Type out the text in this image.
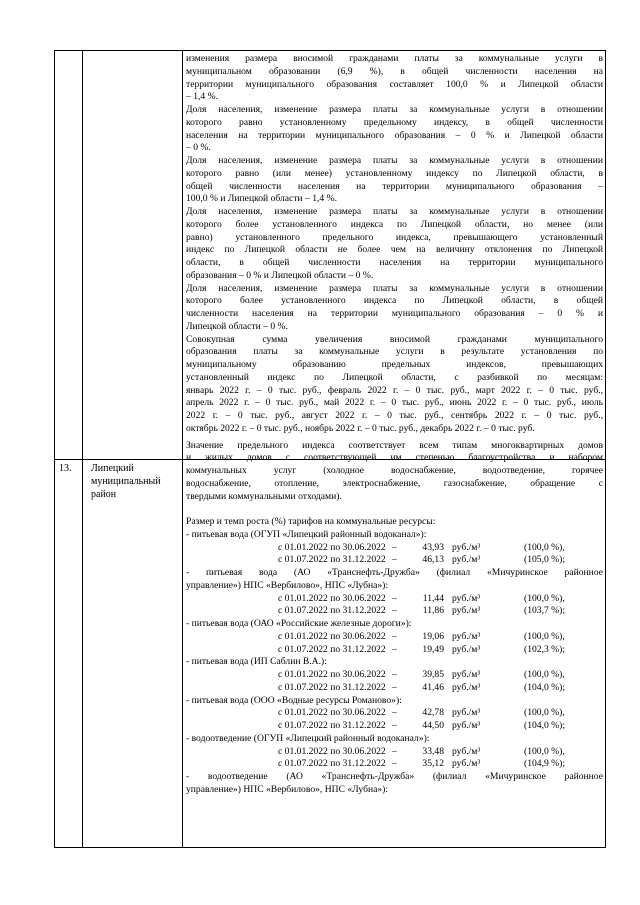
13. Липецкий муниципальный район
изменения размера вносимой гражданами платы за коммунальные услуги в
муниципальном образовании (6,9 %), в общей численности населения на
территории муниципального образования составляет 100,0 % и Липецкой области
– 1,4 %.
Доля населения, изменение размера платы за коммунальные услуги в отношении
которого равно установленному предельному индексу, в общей численности
населения на территории муниципального образования – 0 % и Липецкой области
– 0 %.
Доля населения, изменение размера платы за коммунальные услуги в отношении
которого равно (или менее) установленному индексу по Липецкой области, в
общей численности населения на территории муниципального образования –
100,0 % и Липецкой области – 1,4 %.
Доля населения, изменение размера платы за коммунальные услуги в отношении
которого более установленного индекса по Липецкой области, но менее (или
равно) установленного предельного индекса, превышающего установленный
индекс по Липецкой области не более чем на величину отклонения по Липецкой
области, в общей численности населения на территории муниципального
образования – 0 % и Липецкой области – 0 %.
Доля населения, изменение размера платы за коммунальные услуги в отношении
которого более установленного индекса по Липецкой области, в общей
численности населения на территории муниципального образования – 0 % и
Липецкой области – 0 %.
Совокупная сумма увеличения вносимой гражданами муниципального
образования платы за коммунальные услуги в результате установления по
муниципальному образованию предельных индексов, превышающих
установленный индекс по Липецкой области, с разбивкой по месяцам:
январь 2022 г. – 0 тыс. руб., февраль 2022 г. – 0 тыс. руб., март 2022 г. – 0 тыс. руб.,
апрель 2022 г. – 0 тыс. руб., май 2022 г. – 0 тыс. руб., июнь 2022 г. – 0 тыс. руб., июль
2022 г. – 0 тыс. руб., август 2022 г. – 0 тыс. руб., сентябрь 2022 г. – 0 тыс. руб.,
октябрь 2022 г. – 0 тыс. руб., ноябрь 2022 г. – 0 тыс. руб., декабрь 2022 г. – 0 тыс. руб.
Значение предельного индекса соответствует всем типам многоквартирных домов
и жилых домов с соответствующей им степенью благоустройства и набором
коммунальных услуг (холодное водоснабжение, водоотведение, горячее
водоснабжение, отопление, электроснабжение, газоснабжение, обращение с
твердыми коммунальными отходами).
Размер и темп роста (%) тарифов на коммунальные ресурсы:
- питьевая вода (ОГУП «Липецкий районный водоканал»):
с 01.01.2022 по 30.06.2022 –	43,93 руб./м³	(100,0 %),
с 01.07.2022 по 31.12.2022 –	46,13 руб./м³	(105,0 %);
- питьевая вода (АО «Транснефть-Дружба» (филиал «Мичуринское районное
управление») НПС «Вербилово», НПС «Лубна»):
с 01.01.2022 по 30.06.2022 –	11,44 руб./м³	(100,0 %),
с 01.07.2022 по 31.12.2022 –	11,86 руб./м³	(103,7 %);
- питьевая вода (ОАО «Российские железные дороги»):
с 01.01.2022 по 30.06.2022 –	19,06 руб./м³	(100,0 %),
с 01.07.2022 по 31.12.2022 –	19,49 руб./м³	(102,3 %);
- питьевая вода (ИП Саблин В.А.):
с 01.01.2022 по 30.06.2022 –	39,85 руб./м³	(100,0 %),
с 01.07.2022 по 31.12.2022 –	41,46 руб./м³	(104,0 %);
- питьевая вода (ООО «Водные ресурсы Романово»):
с 01.01.2022 по 30.06.2022 –	42,78 руб./м³	(100,0 %),
с 01.07.2022 по 31.12.2022 –	44,50 руб./м³	(104,0 %);
- водоотведение (ОГУП «Липецкий районный водоканал»):
с 01.01.2022 по 30.06.2022 –	33,48 руб./м³	(100,0 %),
с 01.07.2022 по 31.12.2022 –	35,12 руб./м³	(104,9 %);
- водоотведение (АО «Транснефть-Дружба» (филиал «Мичуринское районное
управление») НПС «Вербилово», НПС «Лубна»):
